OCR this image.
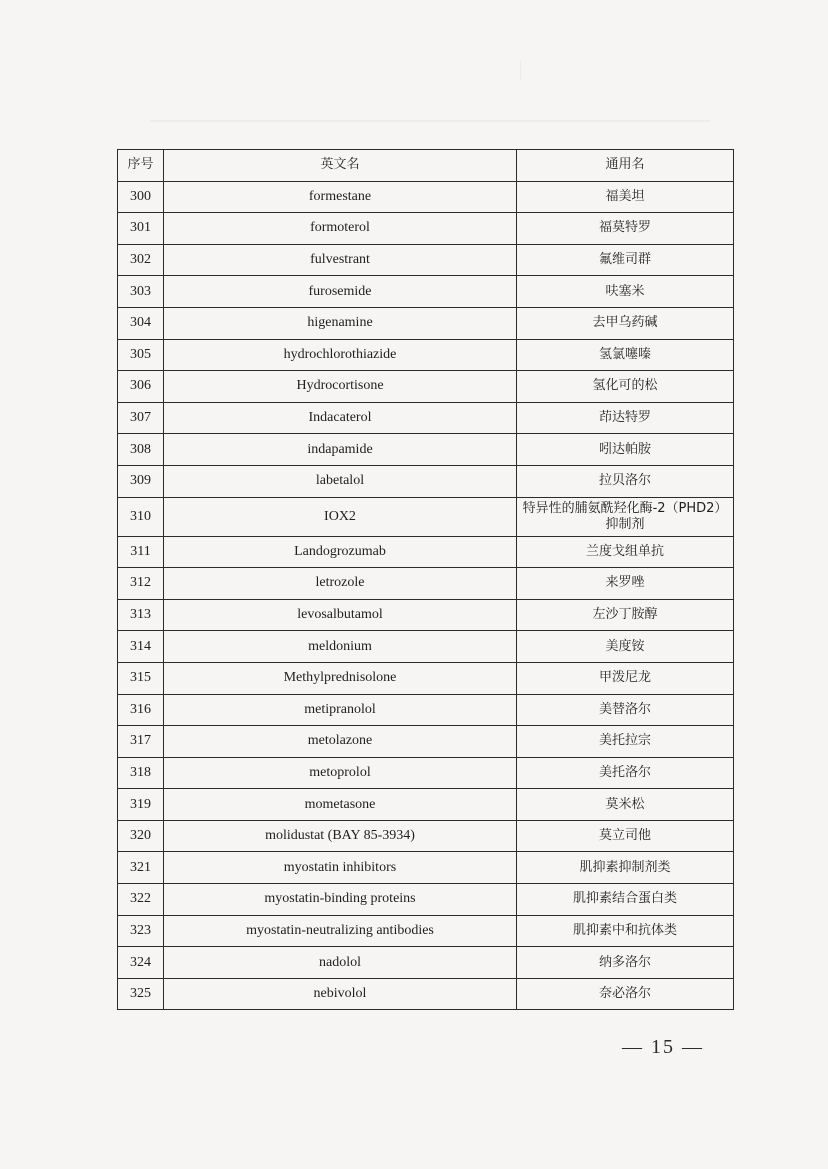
序号	英文名	通用名
300	formestane	福美坦
301	formoterol	福莫特罗
302	fulvestrant	氟维司群
303	furosemide	呋塞米
304	higenamine	去甲乌药碱
305	hydrochlorothiazide	氢氯噻嗪
306	Hydrocortisone	氢化可的松
307	Indacaterol	茚达特罗
308	indapamide	吲达帕胺
309	labetalol	拉贝洛尔
310	IOX2	特异性的脯氨酰羟化酶-2（PHD2）抑制剂
311	Landogrozumab	兰度戈组单抗
312	letrozole	来罗唑
313	levosalbutamol	左沙丁胺醇
314	meldonium	美度铵
315	Methylprednisolone	甲泼尼龙
316	metipranolol	美替洛尔
317	metolazone	美托拉宗
318	metoprolol	美托洛尔
319	mometasone	莫米松
320	molidustat (BAY 85-3934)	莫立司他
321	myostatin inhibitors	肌抑素抑制剂类
322	myostatin-binding proteins	肌抑素结合蛋白类
323	myostatin-neutralizing antibodies	肌抑素中和抗体类
324	nadolol	纳多洛尔
325	nebivolol	奈必洛尔
— 15 —
